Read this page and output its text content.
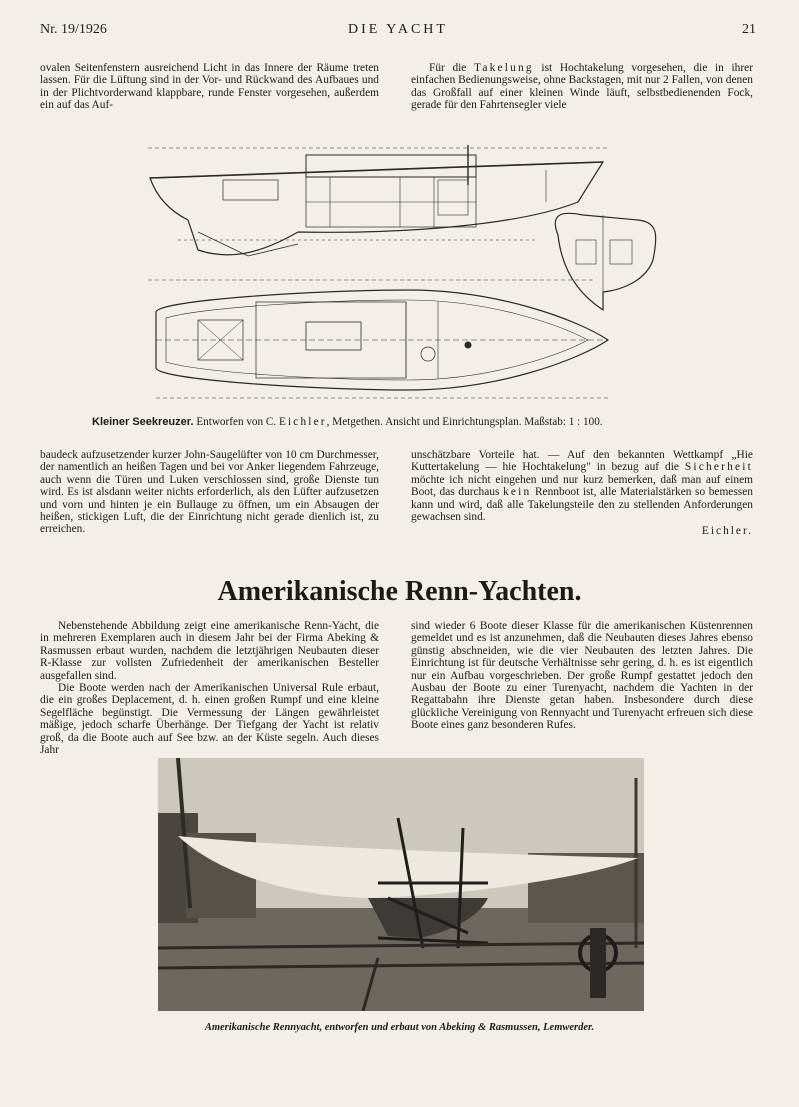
Nr. 19/1926	DIE YACHT	21

ovalen Seitenfenstern ausreichend Licht in das Innere der Räume treten lassen. Für die Lüftung sind in der Vor- und Rückwand des Aufbaues und in der Plichtvorderwand klappbare, runde Fenster vorgesehen, außerdem ein auf das Auf-

Für die Takelung ist Hochtakelung vorgesehen, die in ihrer einfachen Bedienungsweise, ohne Backstagen, mit nur 2 Fallen, von denen das Großfall auf einer kleinen Winde läuft, selbstbedienenden Fock, gerade für den Fahrtensegler viele

Kleiner Seekreuzer. Entworfen von C. Eichler, Metgethen. Ansicht und Einrichtungsplan. Maßstab: 1 : 100.

baudeck aufzusetzender kurzer John-Saugelüfter von 10 cm Durchmesser, der namentlich an heißen Tagen und bei vor Anker liegendem Fahrzeuge, auch wenn die Türen und Luken verschlossen sind, große Dienste tun wird. Es ist alsdann weiter nichts erforderlich, als den Lüfter aufzusetzen und vorn und hinten je ein Bullauge zu öffnen, um ein Absaugen der heißen, stickigen Luft, die der Einrichtung nicht gerade dienlich ist, zu erreichen.

unschätzbare Vorteile hat. — Auf den bekannten Wettkampf „Hie Kuttertakelung — hie Hochtakelung" in bezug auf die Sicherheit möchte ich nicht eingehen und nur kurz bemerken, daß man auf einem Boot, das durchaus kein Rennboot ist, alle Materialstärken so bemessen kann und wird, daß alle Takelungsteile den zu stellenden Anforderungen gewachsen sind.

Eichler.

Amerikanische Renn-Yachten.

Nebenstehende Abbildung zeigt eine amerikanische Renn-Yacht, die in mehreren Exemplaren auch in diesem Jahr bei der Firma Abeking & Rasmussen erbaut wurden, nachdem die letztjährigen Neubauten dieser R-Klasse zur vollsten Zufriedenheit der amerikanischen Besteller ausgefallen sind.

Die Boote werden nach der Amerikanischen Universal Rule erbaut, die ein großes Deplacement, d. h. einen großen Rumpf und eine kleine Segelfläche begünstigt. Die Vermessung der Längen gewährleistet mäßige, jedoch scharfe Überhänge. Der Tiefgang der Yacht ist relativ groß, da die Boote auch auf See bzw. an der Küste segeln. Auch dieses Jahr

sind wieder 6 Boote dieser Klasse für die amerikanischen Küstenrennen gemeldet und es ist anzunehmen, daß die Neubauten dieses Jahres ebenso günstig abschneiden, wie die vier Neubauten des letzten Jahres. Die Einrichtung ist für deutsche Verhältnisse sehr gering, d. h. es ist eigentlich nur ein Aufbau vorgeschrieben. Der große Rumpf gestattet jedoch den Ausbau der Boote zu einer Turenyacht, nachdem die Yachten in der Regattabahn ihre Dienste getan haben. Insbesondere durch diese glückliche Vereinigung von Rennyacht und Turenyacht erfreuen sich diese Boote eines ganz besonderen Rufes.

Amerikanische Rennyacht, entworfen und erbaut von Abeking & Rasmussen, Lemwerder.
